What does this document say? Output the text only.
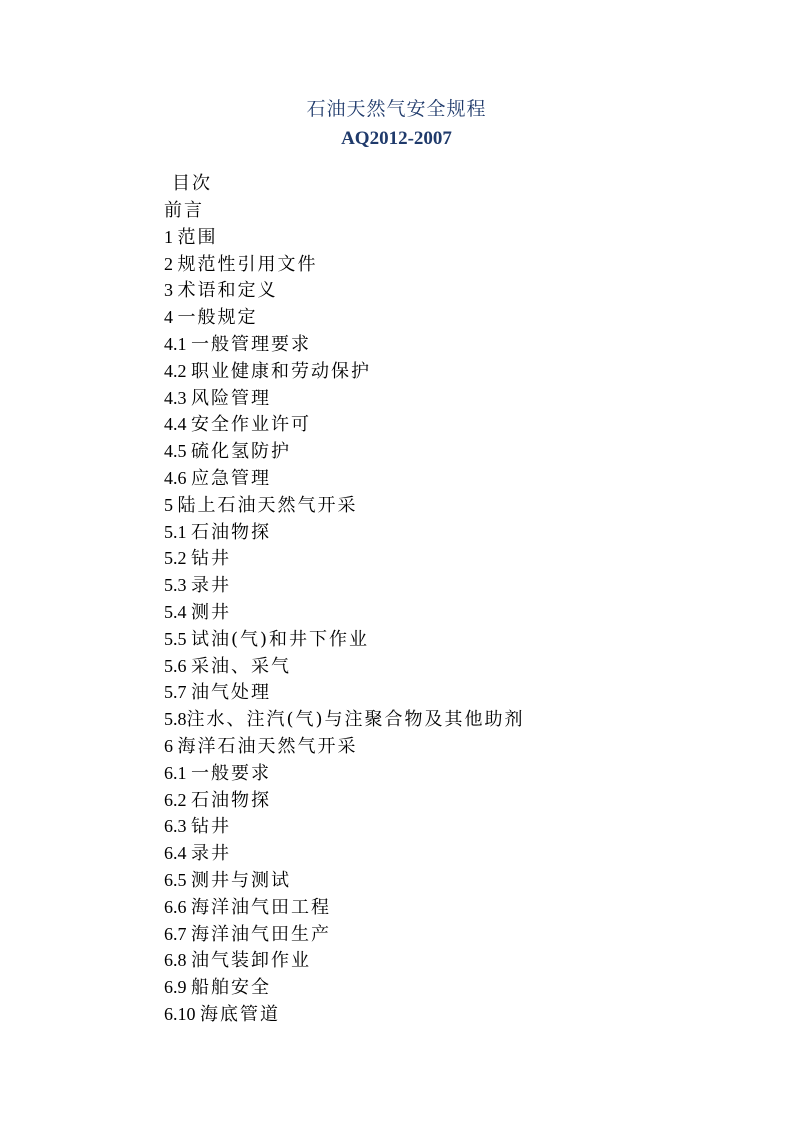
石油天然气安全规程
AQ2012-2007
目次
前言
1 范围
2 规范性引用文件
3 术语和定义
4 一般规定
4.1 一般管理要求
4.2 职业健康和劳动保护
4.3 风险管理
4.4 安全作业许可
4.5 硫化氢防护
4.6 应急管理
5 陆上石油天然气开采
5.1 石油物探
5.2 钻井
5.3 录井
5.4 测井
5.5 试油(气)和井下作业
5.6 采油、采气
5.7 油气处理
5.8注水、注汽(气)与注聚合物及其他助剂
6 海洋石油天然气开采
6.1 一般要求
6.2 石油物探
6.3 钻井
6.4 录井
6.5 测井与测试
6.6 海洋油气田工程
6.7 海洋油气田生产
6.8 油气装卸作业
6.9 船舶安全
6.10 海底管道
